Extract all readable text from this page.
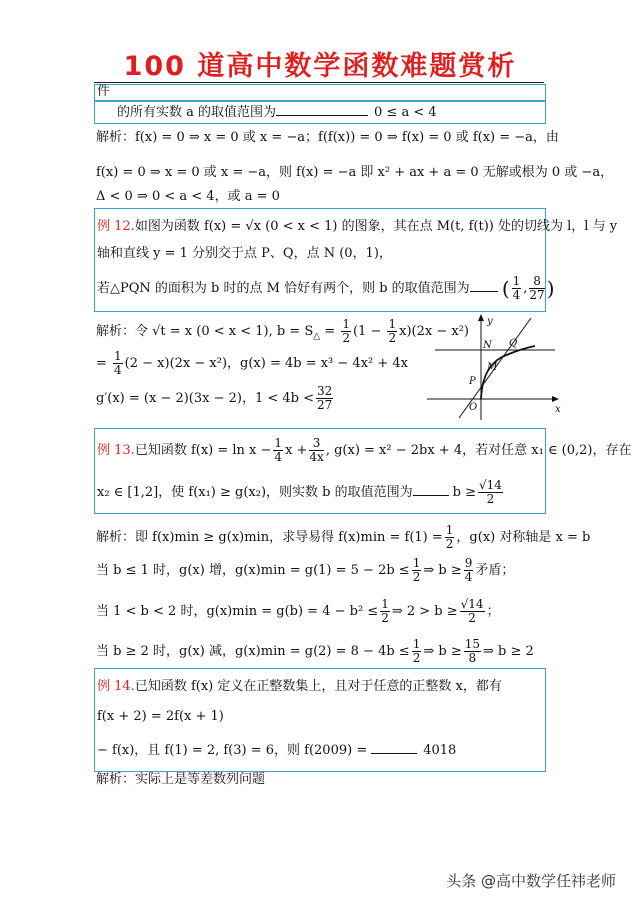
100 道高中数学函数难题赏析
件
的所有实数 a 的取值范围为	0 ≤ a < 4
解析：f(x) = 0 ⇒ x = 0 或 x = −a；f(f(x)) = 0 ⇒ f(x) = 0 或 f(x) = −a，由
f(x) = 0 ⇒ x = 0 或 x = −a，则 f(x) = −a 即 x² + ax + a = 0 无解或根为 0 或 −a，
Δ < 0 ⇒ 0 < a < 4，或 a = 0
例 12.如图为函数 f(x) = √x (0 < x < 1) 的图象，其在点 M(t, f(t)) 处的切线为 l，l 与 y
轴和直线 y = 1 分别交于点 P、Q，点 N (0，1)，
若△PQN 的面积为 b 时的点 M 恰好有两个，则 b 的取值范围为 ( $\frac{1}{4}$ , $\frac{8}{27}$ )
解析：令 √t = x (0 < x < 1), $b = S_\triangle = \frac{1}{2} (1 - \frac{1}{2} x)(2x - x^2)$
= $\frac{1}{4} (2 - x)(2x - x^2)$，g(x) = 4b = x³ − 4x² + 4x
g′(x) = (x − 2)(3x − 2)，$1 < 4b < \frac{32}{27}$
y
x
N Q
M
P
O
例 13.已知函数 $f(x) = \ln x - \frac{1}{4}$ $x + \frac{3}{4x}$ , g(x) = x² − 2bx + 4，若对任意 x₁ ∈ (0,2)，存在
x₂ ∈ [1,2]，使 f(x₁) ≥ g(x₂)，则实数 b 的取值范围为	$b \ge \frac{√14}{2}$
解析：即 f(x)min ≥ g(x)min，求导易得 $f(x)\min = f(1) = \frac{1}{2}$ ，g(x) 对称轴是 x = b
当 b ≤ 1 时，g(x) 增，$g(x)\min = g(1) = 5 - 2b \le \frac{1}{2}$ ⇒ $b \ge \frac{9}{4}$ 矛盾；
当 1 < b < 2 时，$g(x)\min = g(b) = 4 - b^2 \le \frac{1}{2}$ ⇒ $2 > b \ge \frac{√14}{2}$ ；
当 b ≥ 2 时，g(x) 减，$g(x)\min = g(2) = 8 - 4b \le \frac{1}{2}$ ⇒ $b \ge \frac{15}{8}$ ⇒ b ≥ 2
例 14.已知函数 f(x) 定义在正整数集上，且对于任意的正整数 x，都有
f(x + 2) = 2f(x + 1)
− f(x)，且 f(1) = 2, f(3) = 6，则 f(2009) =	4018
解析：实际上是等差数列问题
头条 @高中数学任祎老师
